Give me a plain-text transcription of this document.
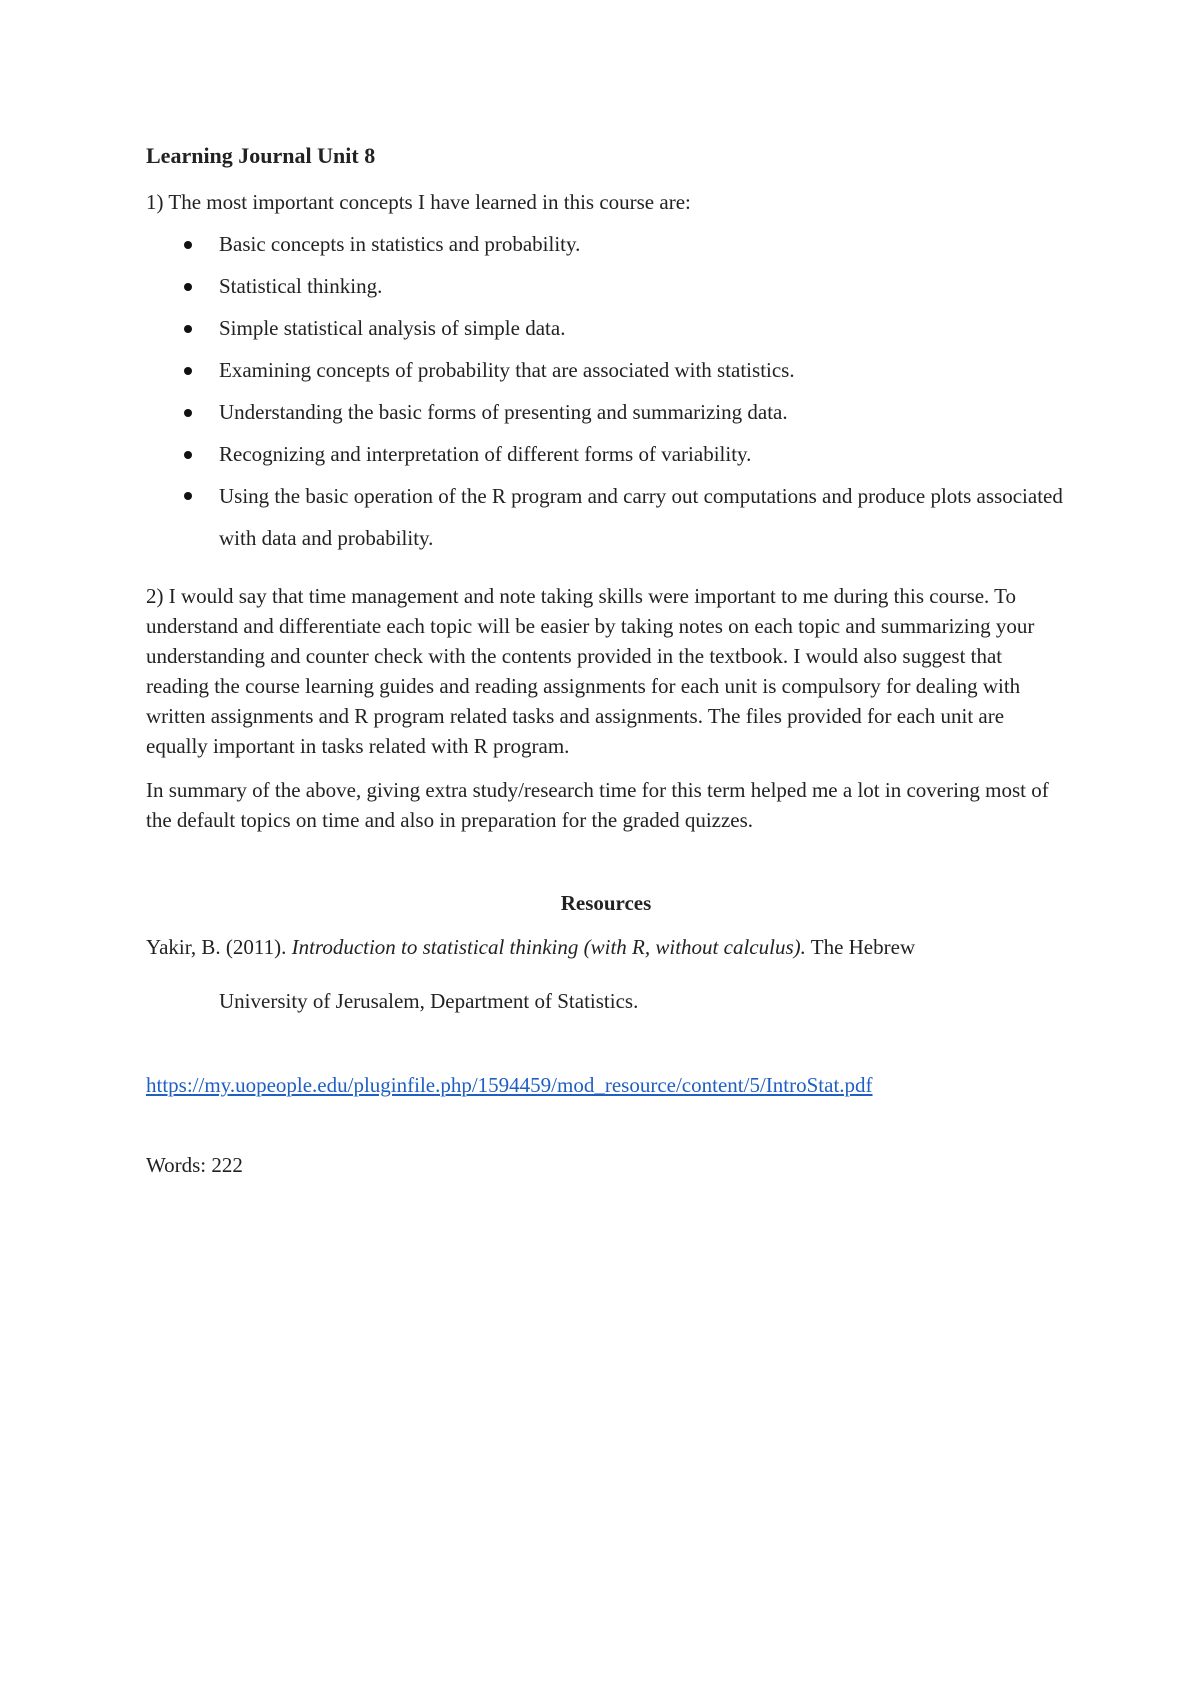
Learning Journal Unit 8
1) The most important concepts I have learned in this course are:
Basic concepts in statistics and probability.
Statistical thinking.
Simple statistical analysis of simple data.
Examining concepts of probability that are associated with statistics.
Understanding the basic forms of presenting and summarizing data.
Recognizing and interpretation of different forms of variability.
Using the basic operation of the R program and carry out computations and produce plots associated with data and probability.

2) I would say that time management and note taking skills were important to me during this course. To understand and differentiate each topic will be easier by taking notes on each topic and summarizing your understanding and counter check with the contents provided in the textbook. I would also suggest that reading the course learning guides and reading assignments for each unit is compulsory for dealing with written assignments and R program related tasks and assignments. The files provided for each unit are equally important in tasks related with R program.

In summary of the above, giving extra study/research time for this term helped me a lot in covering most of the default topics on time and also in preparation for the graded quizzes.

Resources

Yakir, B. (2011). Introduction to statistical thinking (with R, without calculus). The Hebrew

University of Jerusalem, Department of Statistics.
https://my.uopeople.edu/pluginfile.php/1594459/mod_resource/content/5/IntroStat.pdf
Words: 222
